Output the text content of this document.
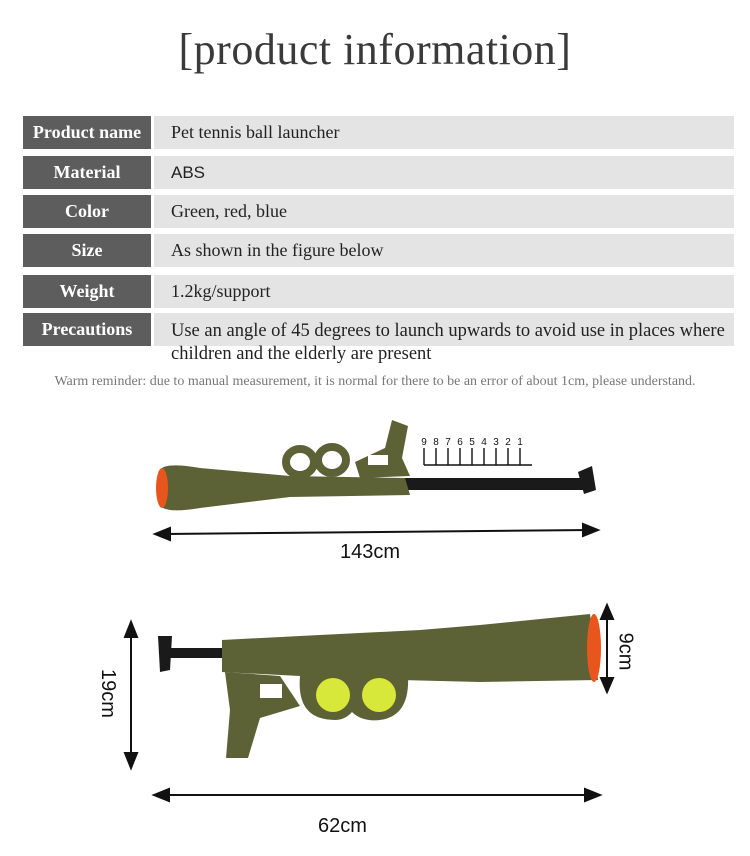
[product information]
Product name	Pet tennis ball launcher
Material	ABS
Color	Green, red, blue
Size	As shown in the figure below
Weight	1.2kg/support
Precautions	Use an angle of 45 degrees to launch upwards to avoid use in places where children and the elderly are present
Warm reminder: due to manual measurement, it is normal for there to be an error of about 1cm, please understand.
9 8 7 6 5 4 3 2 1
143cm
62cm
19cm
9cm
